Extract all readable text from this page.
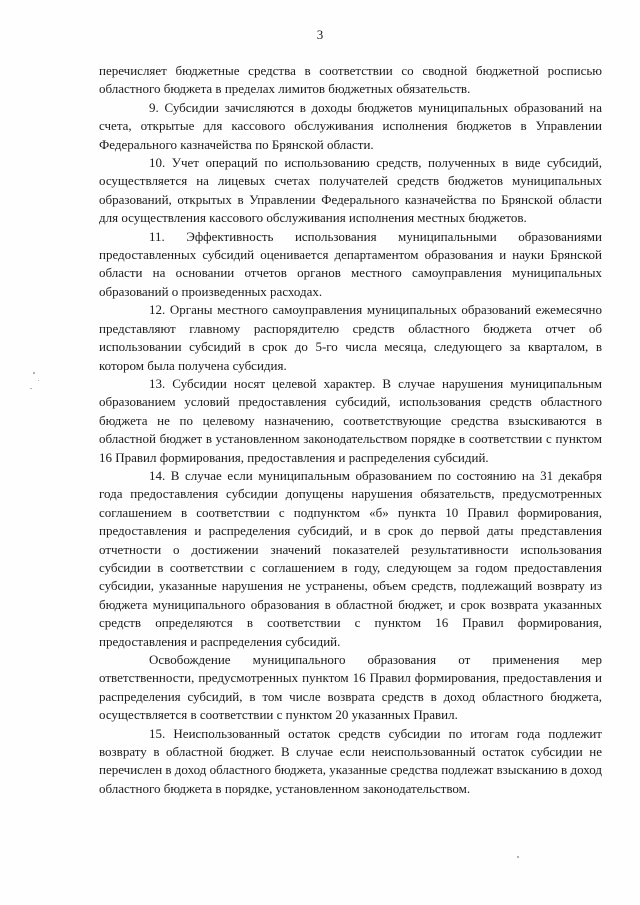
3

перечисляет бюджетные средства в соответствии со сводной бюджетной росписью областного бюджета в пределах лимитов бюджетных обязательств.

9. Субсидии зачисляются в доходы бюджетов муниципальных образований на счета, открытые для кассового обслуживания исполнения бюджетов в Управлении Федерального казначейства по Брянской области.

10. Учет операций по использованию средств, полученных в виде субсидий, осуществляется на лицевых счетах получателей средств бюджетов муниципальных образований, открытых в Управлении Федерального казначейства по Брянской области для осуществления кассового обслуживания исполнения местных бюджетов.

11. Эффективность использования муниципальными образованиями предоставленных субсидий оценивается департаментом образования и науки Брянской области на основании отчетов органов местного самоуправления муниципальных образований о произведенных расходах.

12. Органы местного самоуправления муниципальных образований ежемесячно представляют главному распорядителю средств областного бюджета отчет об использовании субсидий в срок до 5-го числа месяца, следующего за кварталом, в котором была получена субсидия.

13. Субсидии носят целевой характер. В случае нарушения муниципальным образованием условий предоставления субсидий, использования средств областного бюджета не по целевому назначению, соответствующие средства взыскиваются в областной бюджет в установленном законодательством порядке в соответствии с пунктом 16 Правил формирования, предоставления и распределения субсидий.

14. В случае если муниципальным образованием по состоянию на 31 декабря года предоставления субсидии допущены нарушения обязательств, предусмотренных соглашением в соответствии с подпунктом «б» пункта 10 Правил формирования, предоставления и распределения субсидий, и в срок до первой даты представления отчетности о достижении значений показателей результативности использования субсидии в соответствии с соглашением в году, следующем за годом предоставления субсидии, указанные нарушения не устранены, объем средств, подлежащий возврату из бюджета муниципального образования в областной бюджет, и срок возврата указанных средств определяются в соответствии с пунктом 16 Правил формирования, предоставления и распределения субсидий.

Освобождение муниципального образования от применения мер ответственности, предусмотренных пунктом 16 Правил формирования, предоставления и распределения субсидий, в том числе возврата средств в доход областного бюджета, осуществляется в соответствии с пунктом 20 указанных Правил.

15. Неиспользованный остаток средств субсидии по итогам года подлежит возврату в областной бюджет. В случае если неиспользованный остаток субсидии не перечислен в доход областного бюджета, указанные средства подлежат взысканию в доход областного бюджета в порядке, установленном законодательством.
